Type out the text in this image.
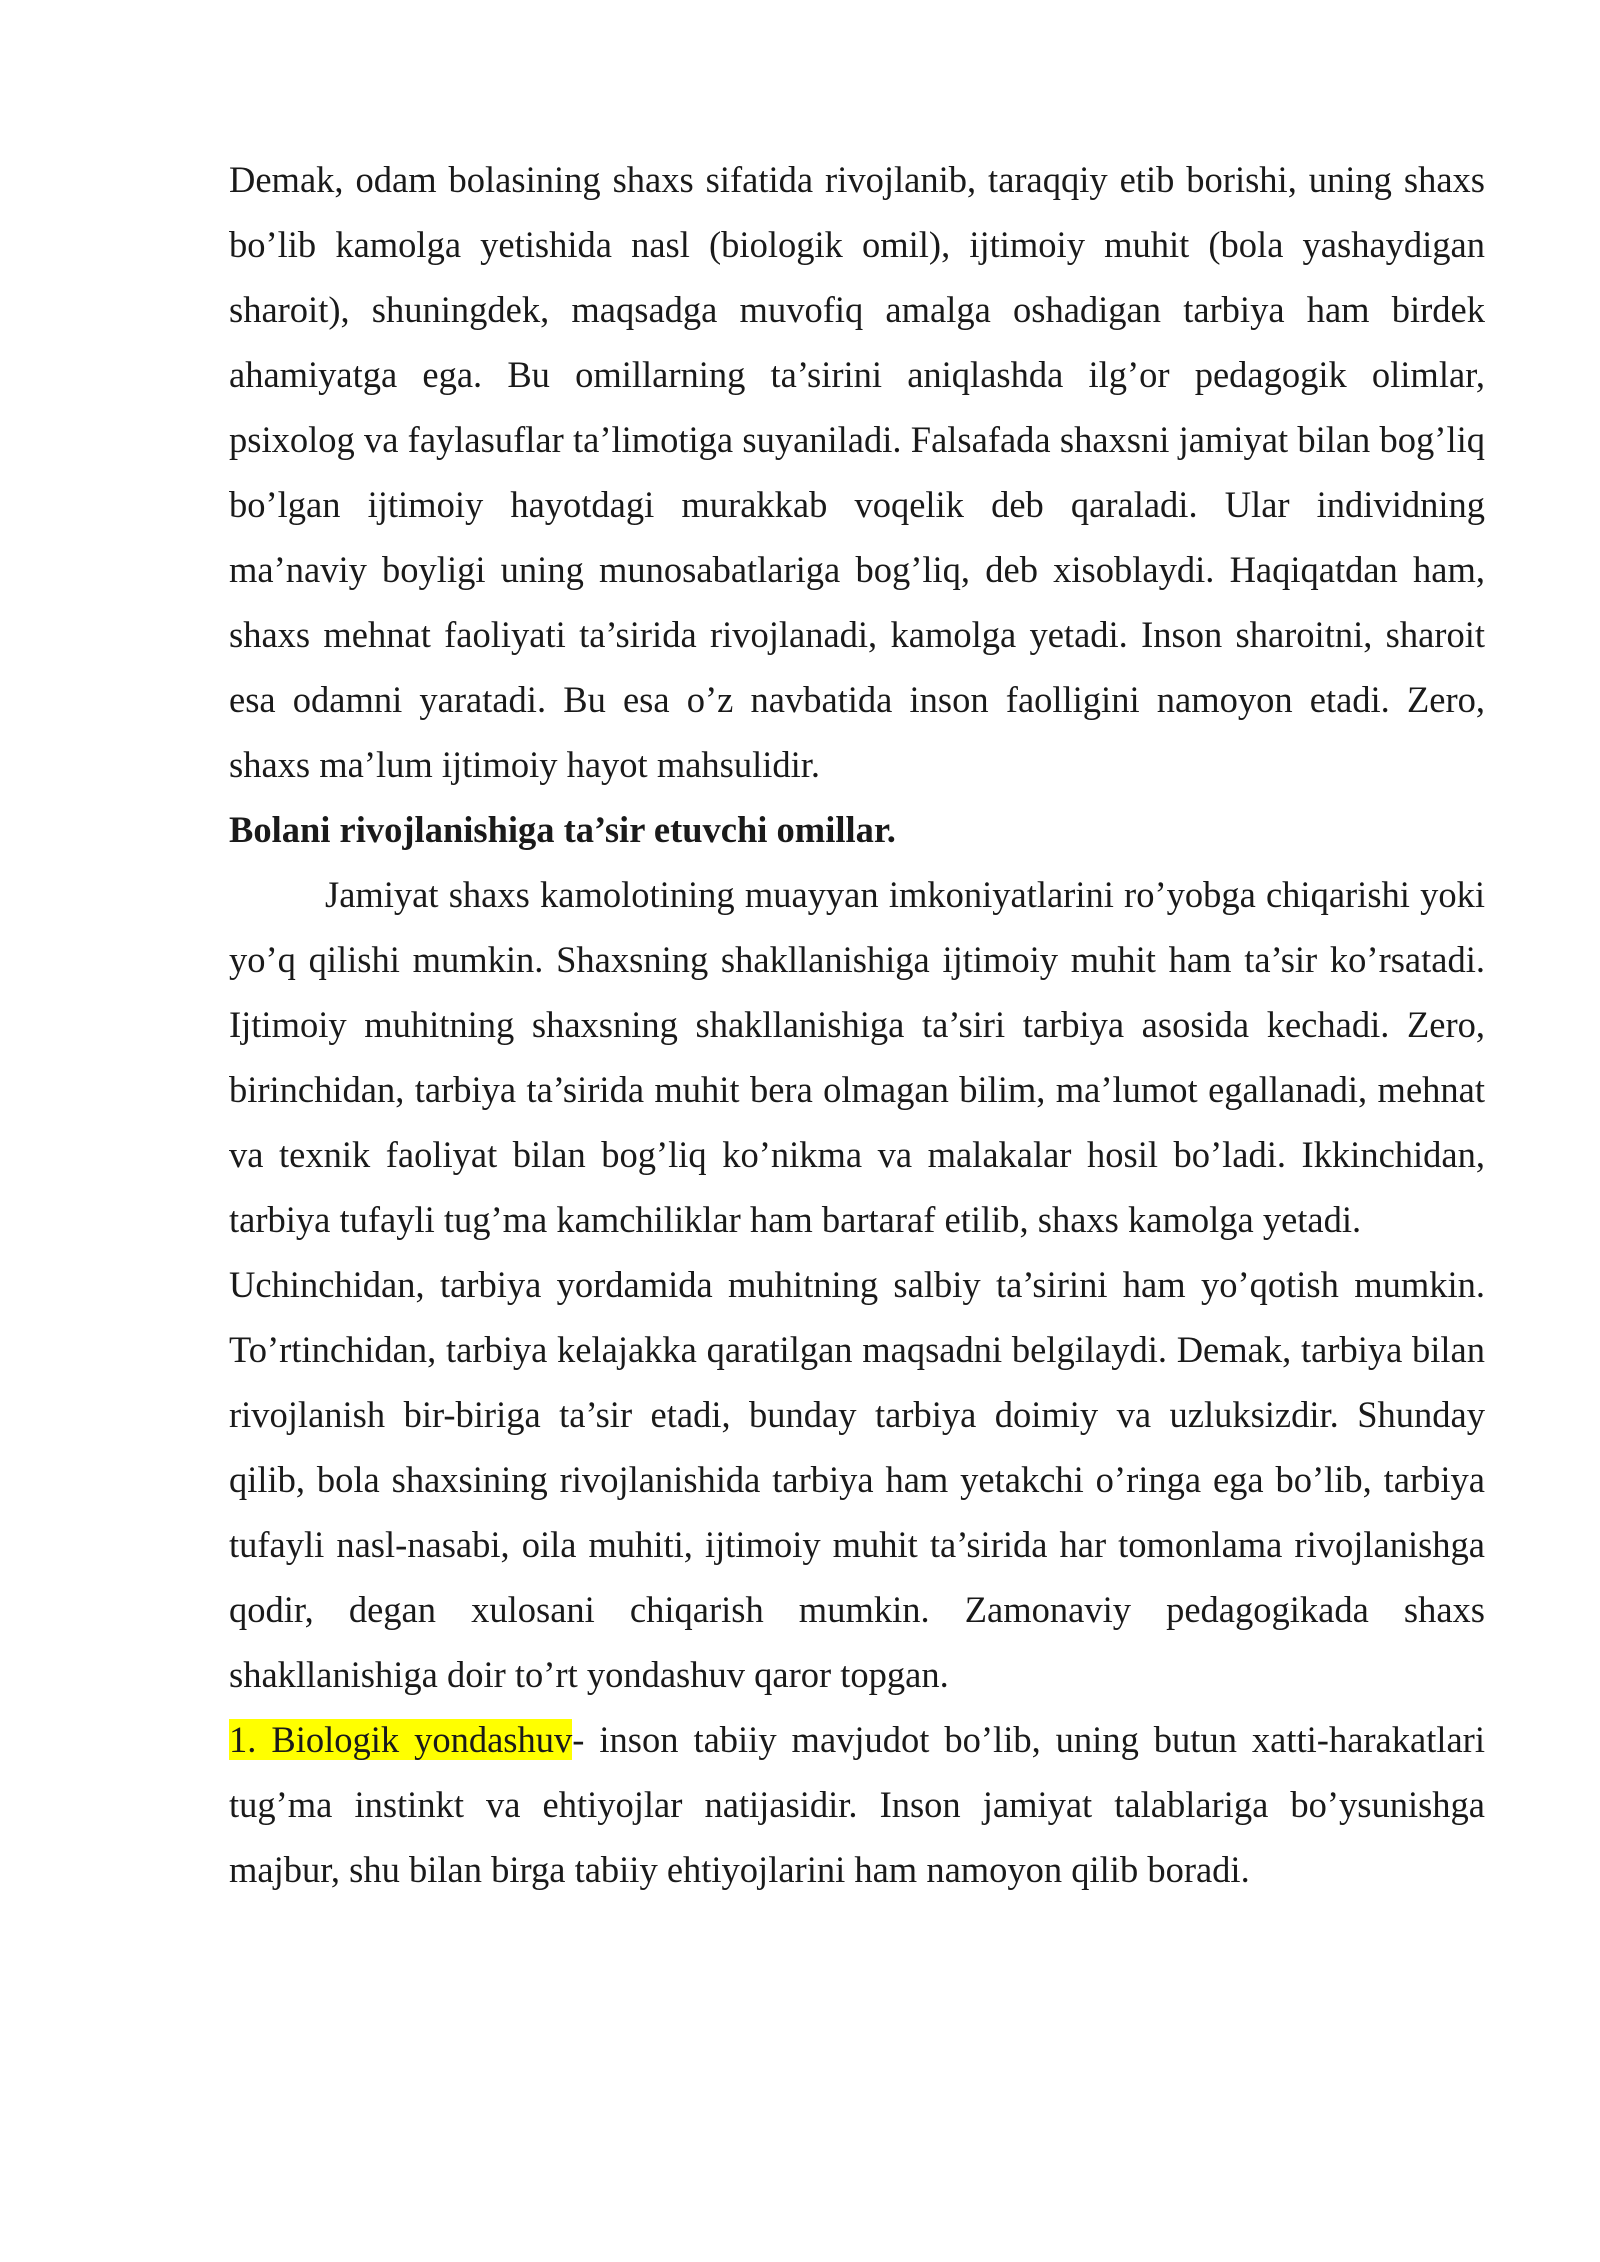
Demak, odam bolasining shaxs sifatida rivojlanib, taraqqiy etib borishi, uning shaxs bo’lib kamolga yetishida nasl (biologik omil), ijtimoiy muhit (bola yashaydigan sharoit), shuningdek, maqsadga muvofiq amalga oshadigan tarbiya ham birdek ahamiyatga ega. Bu omillarning ta’sirini aniqlashda ilg’or pedagogik olimlar, psixolog va faylasuflar ta’limotiga suyaniladi. Falsafada shaxsni jamiyat bilan bog’liq bo’lgan ijtimoiy hayotdagi murakkab voqelik deb qaraladi. Ular individning ma’naviy boyligi uning munosabatlariga bog’liq, deb xisoblaydi. Haqiqatdan ham, shaxs mehnat faoliyati ta’sirida rivojlanadi, kamolga yetadi. Inson sharoitni, sharoit esa odamni yaratadi. Bu esa o’z navbatida inson faolligini namoyon etadi. Zero, shaxs ma’lum ijtimoiy hayot mahsulidir.

Bolani rivojlanishiga ta’sir etuvchi omillar.

Jamiyat shaxs kamolotining muayyan imkoniyatlarini ro’yobga chiqarishi yoki yo’q qilishi mumkin. Shaxsning shakllanishiga ijtimoiy muhit ham ta’sir ko’rsatadi. Ijtimoiy muhitning shaxsning shakllanishiga ta’siri tarbiya asosida kechadi. Zero, birinchidan, tarbiya ta’sirida muhit bera olmagan bilim, ma’lumot egallanadi, mehnat va texnik faoliyat bilan bog’liq ko’nikma va malakalar hosil bo’ladi. Ikkinchidan, tarbiya tufayli tug’ma kamchiliklar ham bartaraf etilib, shaxs kamolga yetadi.

Uchinchidan, tarbiya yordamida muhitning salbiy ta’sirini ham yo’qotish mumkin. To’rtinchidan, tarbiya kelajakka qaratilgan maqsadni belgilaydi. Demak, tarbiya bilan rivojlanish bir-biriga ta’sir etadi, bunday tarbiya doimiy va uzluksizdir. Shunday qilib, bola shaxsining rivojlanishida tarbiya ham yetakchi o’ringa ega bo’lib, tarbiya tufayli nasl-nasabi, oila muhiti, ijtimoiy muhit ta’sirida har tomonlama rivojlanishga qodir, degan xulosani chiqarish mumkin. Zamonaviy pedagogikada shaxs shakllanishiga doir to’rt yondashuv qaror topgan.

1. Biologik yondashuv- inson tabiiy mavjudot bo’lib, uning butun xatti-harakatlari tug’ma instinkt va ehtiyojlar natijasidir. Inson jamiyat talablariga bo’ysunishga majbur, shu bilan birga tabiiy ehtiyojlarini ham namoyon qilib boradi.
